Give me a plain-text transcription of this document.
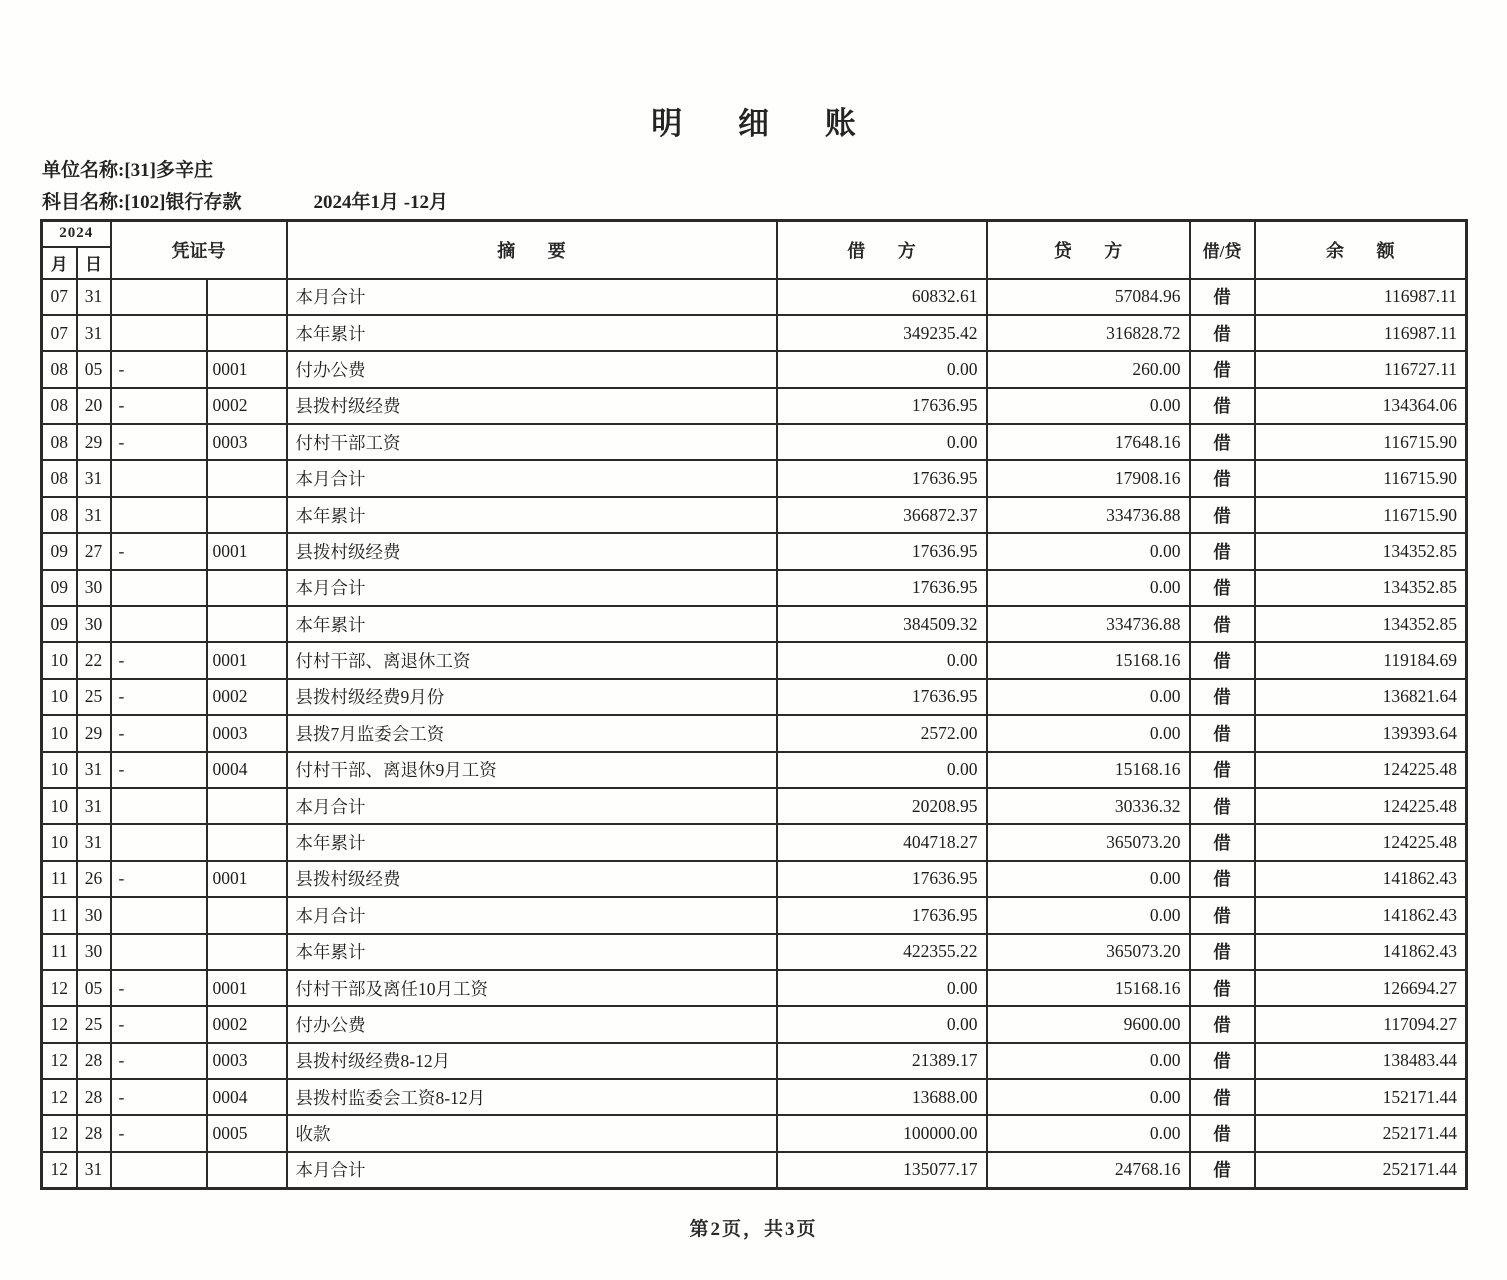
明 细 账
单位名称:[31]多辛庄
科目名称:[102]银行存款	2024年1月 -12月
2024		凭证号		摘 要	借 方	贷 方	借/贷	余 额
月	日							
07	31			本月合计	60832.61	57084.96	借	116987.11
07	31			本年累计	349235.42	316828.72	借	116987.11
08	05	-	0001	付办公费	0.00	260.00	借	116727.11
08	20	-	0002	县拨村级经费	17636.95	0.00	借	134364.06
08	29	-	0003	付村干部工资	0.00	17648.16	借	116715.90
08	31			本月合计	17636.95	17908.16	借	116715.90
08	31			本年累计	366872.37	334736.88	借	116715.90
09	27	-	0001	县拨村级经费	17636.95	0.00	借	134352.85
09	30			本月合计	17636.95	0.00	借	134352.85
09	30			本年累计	384509.32	334736.88	借	134352.85
10	22	-	0001	付村干部、离退休工资	0.00	15168.16	借	119184.69
10	25	-	0002	县拨村级经费9月份	17636.95	0.00	借	136821.64
10	29	-	0003	县拨7月监委会工资	2572.00	0.00	借	139393.64
10	31	-	0004	付村干部、离退休9月工资	0.00	15168.16	借	124225.48
10	31			本月合计	20208.95	30336.32	借	124225.48
10	31			本年累计	404718.27	365073.20	借	124225.48
11	26	-	0001	县拨村级经费	17636.95	0.00	借	141862.43
11	30			本月合计	17636.95	0.00	借	141862.43
11	30			本年累计	422355.22	365073.20	借	141862.43
12	05	-	0001	付村干部及离任10月工资	0.00	15168.16	借	126694.27
12	25	-	0002	付办公费	0.00	9600.00	借	117094.27
12	28	-	0003	县拨村级经费8-12月	21389.17	0.00	借	138483.44
12	28	-	0004	县拨村监委会工资8-12月	13688.00	0.00	借	152171.44
12	28	-	0005	收款	100000.00	0.00	借	252171.44
12	31			本月合计	135077.17	24768.16	借	252171.44
第2页，共3页
